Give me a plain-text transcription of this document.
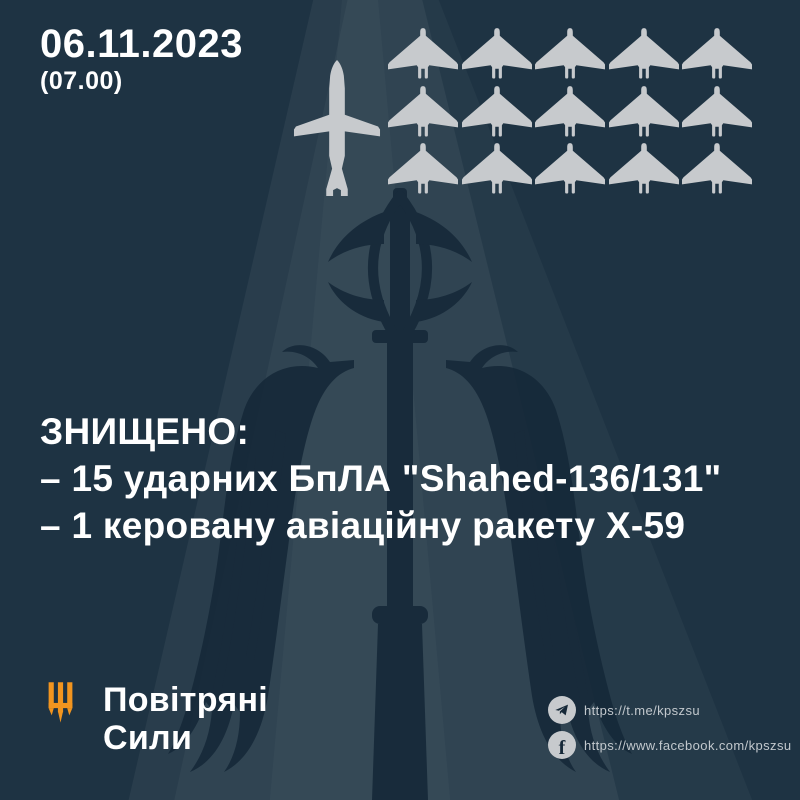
06.11.2023
(07.00)
ЗНИЩЕНО:
– 15 ударних БпЛА "Shahed-136/131"
– 1 керовану авіаційну ракету Х-59
Повітряні
Сили
https://t.me/kpszsu
f https://www.facebook.com/kpszsu
